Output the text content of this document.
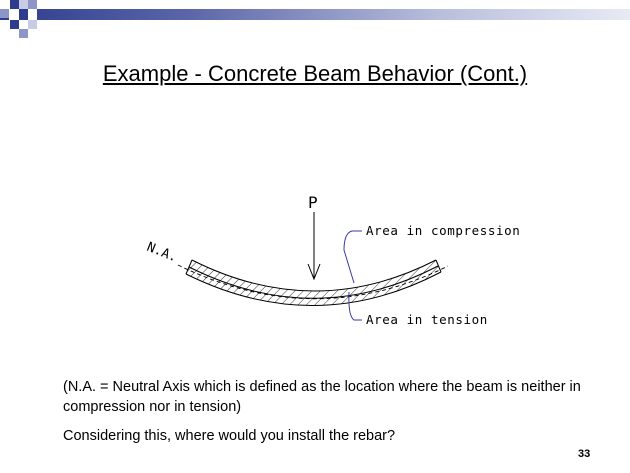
Example - Concrete Beam Behavior (Cont.)
P
N.A.
Area in compression
Area in tension
(N.A. = Neutral Axis which is defined as the location where the beam is neither in compression nor in tension)
Considering this, where would you install the rebar?
33
